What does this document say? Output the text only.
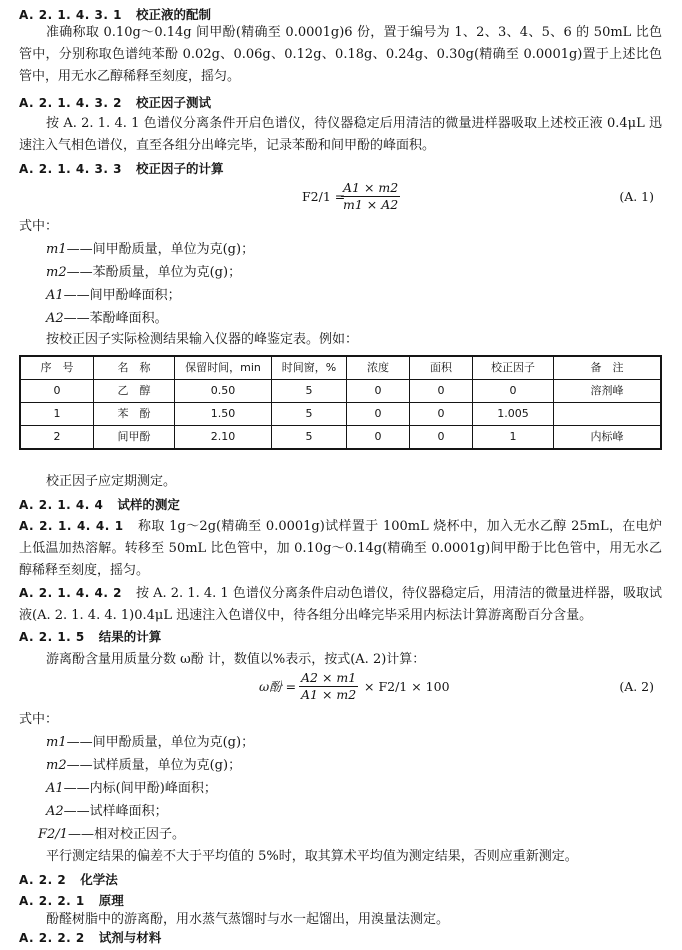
A. 2. 1. 4. 3. 1 校正液的配制
准确称取 0.10g～0.14g 间甲酚(精确至 0.0001g)6 份，置于编号为 1、2、3、4、5、6 的 50mL 比色管中，分别称取色谱纯苯酚 0.02g、0.06g、0.12g、0.18g、0.24g、0.30g(精确至 0.0001g)置于上述比色管中，用无水乙醇稀释至刻度，摇匀。
A. 2. 1. 4. 3. 2 校正因子测试
按 A. 2. 1. 4. 1 色谱仪分离条件开启色谱仪，待仪器稳定后用清洁的微量进样器吸取上述校正液 0.4μL 迅速注入气相色谱仪，直至各组分出峰完毕，记录苯酚和间甲酚的峰面积。
A. 2. 1. 4. 3. 3 校正因子的计算
F2/1 =
$\frac{A1 \times m2}{m1 \times A2}$	(A. 1)
式中：
m1——间甲酚质量，单位为克(g)；
m2——苯酚质量，单位为克(g)；
A1——间甲酚峰面积；
A2——苯酚峰面积。
按校正因子实际检测结果输入仪器的峰鉴定表。例如：
序　号	名　称	保留时间，min	时间窗，%	浓度	面积	校正因子	备　注
0	乙　醇	0.50	5	0	0	0	溶剂峰
1	苯　酚	1.50	5	0	0	1.005	
2	间甲酚	2.10	5	0	0	1	内标峰
校正因子应定期测定。
A. 2. 1. 4. 4 试样的测定
A. 2. 1. 4. 4. 1 称取 1g～2g(精确至 0.0001g)试样置于 100mL 烧杯中，加入无水乙醇 25mL，在电炉上低温加热溶解。转移至 50mL 比色管中，加 0.10g～0.14g(精确至 0.0001g)间甲酚于比色管中，用无水乙醇稀释至刻度，摇匀。
A. 2. 1. 4. 4. 2 按 A. 2. 1. 4. 1 色谱仪分离条件启动色谱仪，待仪器稳定后，用清洁的微量进样器，吸取试液(A. 2. 1. 4. 4. 1)0.4μL 迅速注入色谱仪中，待各组分出峰完毕采用内标法计算游离酚百分含量。
A. 2. 1. 5 结果的计算
游离酚含量用质量分数 ω酚 计，数值以%表示，按式(A. 2)计算：
ω酚 = $\frac{A2 \times m1}{A1 \times m2} \times F2/1 \times 100$	(A. 2)
式中：
m1——间甲酚质量，单位为克(g)；
m2——试样质量，单位为克(g)；
A1——内标(间甲酚)峰面积；
A2——试样峰面积；
F2/1——相对校正因子。
平行测定结果的偏差不大于平均值的 5%时，取其算术平均值为测定结果，否则应重新测定。
A. 2. 2 化学法
A. 2. 2. 1 原理
酚醛树脂中的游离酚，用水蒸气蒸馏时与水一起馏出，用溴量法测定。
A. 2. 2. 2 试剂与材料
